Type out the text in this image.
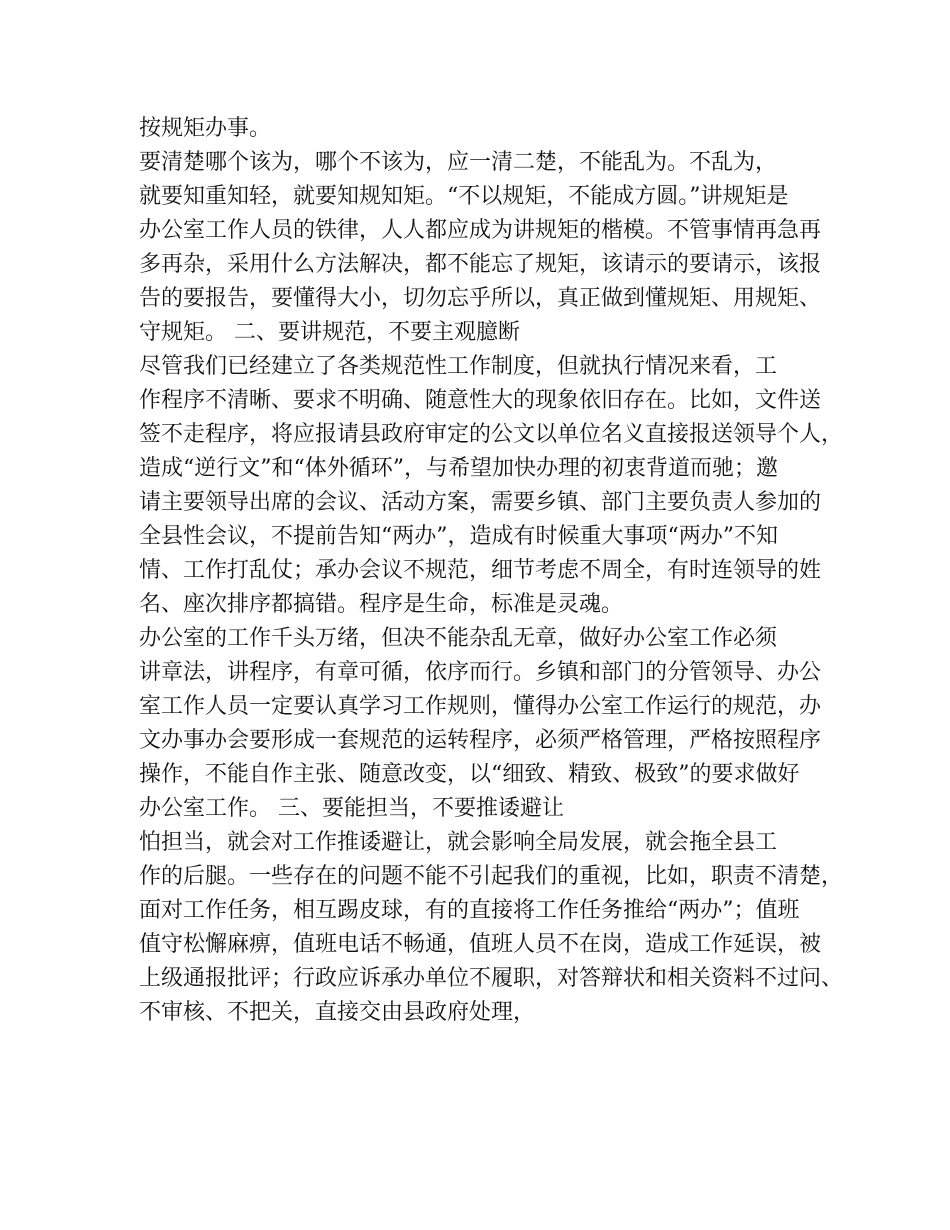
按规矩办事。
要清楚哪个该为，哪个不该为，应一清二楚，不能乱为。不乱为，
就要知重知轻，就要知规知矩。“不以规矩，不能成方圆。”讲规矩是
办公室工作人员的铁律，人人都应成为讲规矩的楷模。不管事情再急再
多再杂，采用什么方法解决，都不能忘了规矩，该请示的要请示，该报
告的要报告，要懂得大小，切勿忘乎所以，真正做到懂规矩、用规矩、
守规矩。 二、要讲规范，不要主观臆断
尽管我们已经建立了各类规范性工作制度，但就执行情况来看，工
作程序不清晰、要求不明确、随意性大的现象依旧存在。比如，文件送
签不走程序，将应报请县政府审定的公文以单位名义直接报送领导个人，
造成“逆行文”和“体外循环”，与希望加快办理的初衷背道而驰；邀
请主要领导出席的会议、活动方案，需要乡镇、部门主要负责人参加的
全县性会议，不提前告知“两办”，造成有时候重大事项“两办”不知
情、工作打乱仗；承办会议不规范，细节考虑不周全，有时连领导的姓
名、座次排序都搞错。程序是生命，标准是灵魂。
办公室的工作千头万绪，但决不能杂乱无章，做好办公室工作必须
讲章法，讲程序，有章可循，依序而行。乡镇和部门的分管领导、办公
室工作人员一定要认真学习工作规则，懂得办公室工作运行的规范，办
文办事办会要形成一套规范的运转程序，必须严格管理，严格按照程序
操作，不能自作主张、随意改变，以“细致、精致、极致”的要求做好
办公室工作。 三、要能担当，不要推诿避让
怕担当，就会对工作推诿避让，就会影响全局发展，就会拖全县工
作的后腿。一些存在的问题不能不引起我们的重视，比如，职责不清楚，
面对工作任务，相互踢皮球，有的直接将工作任务推给“两办”；值班
值守松懈麻痹，值班电话不畅通，值班人员不在岗，造成工作延误，被
上级通报批评；行政应诉承办单位不履职，对答辩状和相关资料不过问、
不审核、不把关，直接交由县政府处理，
